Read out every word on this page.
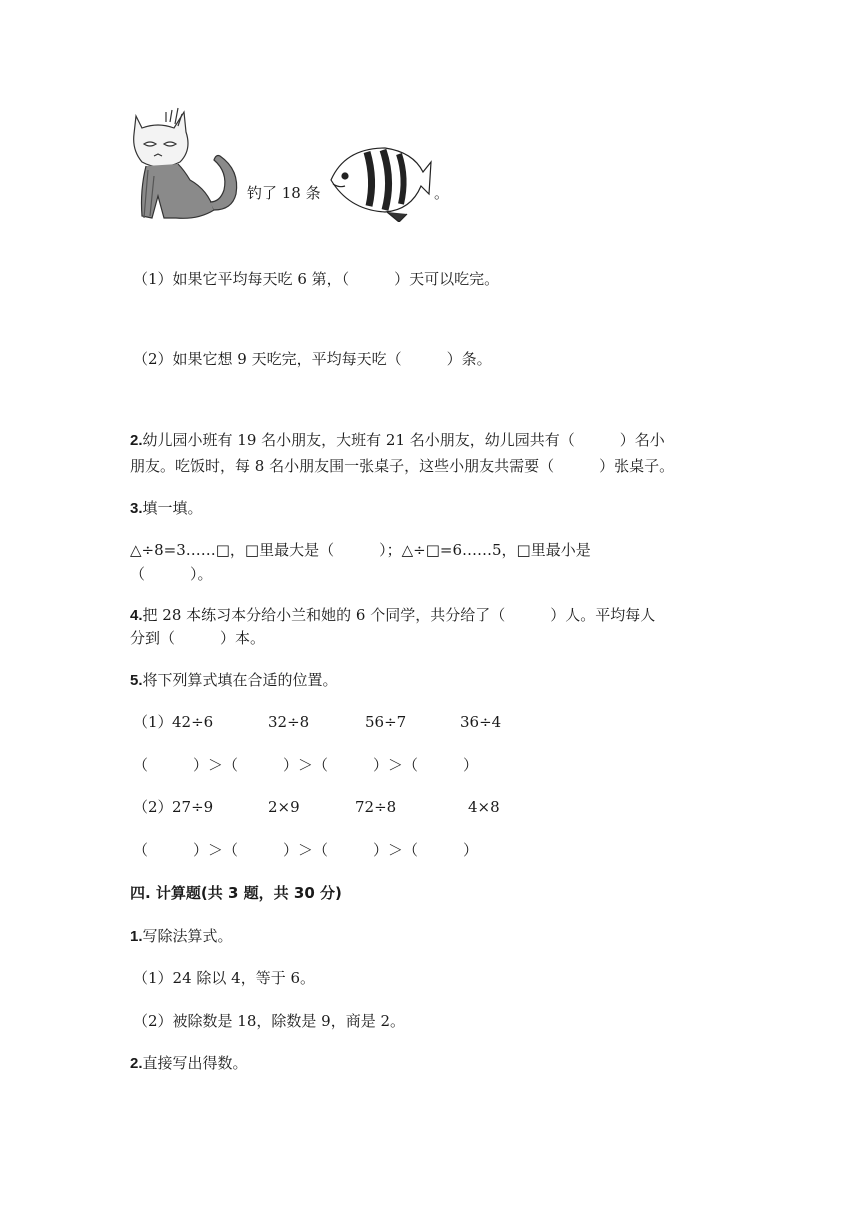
钓了 18 条	。
（1）如果它平均每天吃 6 第，（　　　）天可以吃完。
（2）如果它想 9 天吃完，平均每天吃（　　　）条。
2.幼儿园小班有 19 名小朋友，大班有 21 名小朋友，幼儿园共有（　　　）名小
朋友。吃饭时，每 8 名小朋友围一张桌子，这些小朋友共需要（　　　）张桌子。
3.填一填。
△÷8=3……□，□里最大是（　　　）；△÷□=6……5，□里最小是
（　　　）。
4.把 28 本练习本分给小兰和她的 6 个同学，共分给了（　　　）人。平均每人
分到（　　　）本。
5.将下列算式填在合适的位置。
（1） 42÷6	32÷8	56÷7	36÷4
（　　　）＞（　　　）＞（　　　）＞（　　　）
（2） 27÷9	2×9	72÷8	4×8
（　　　）＞（　　　）＞（　　　）＞（　　　）
四. 计算题(共 3 题，共 30 分)
1.写除法算式。
（1）24 除以 4，等于 6。
（2）被除数是 18，除数是 9，商是 2。
2.直接写出得数。
